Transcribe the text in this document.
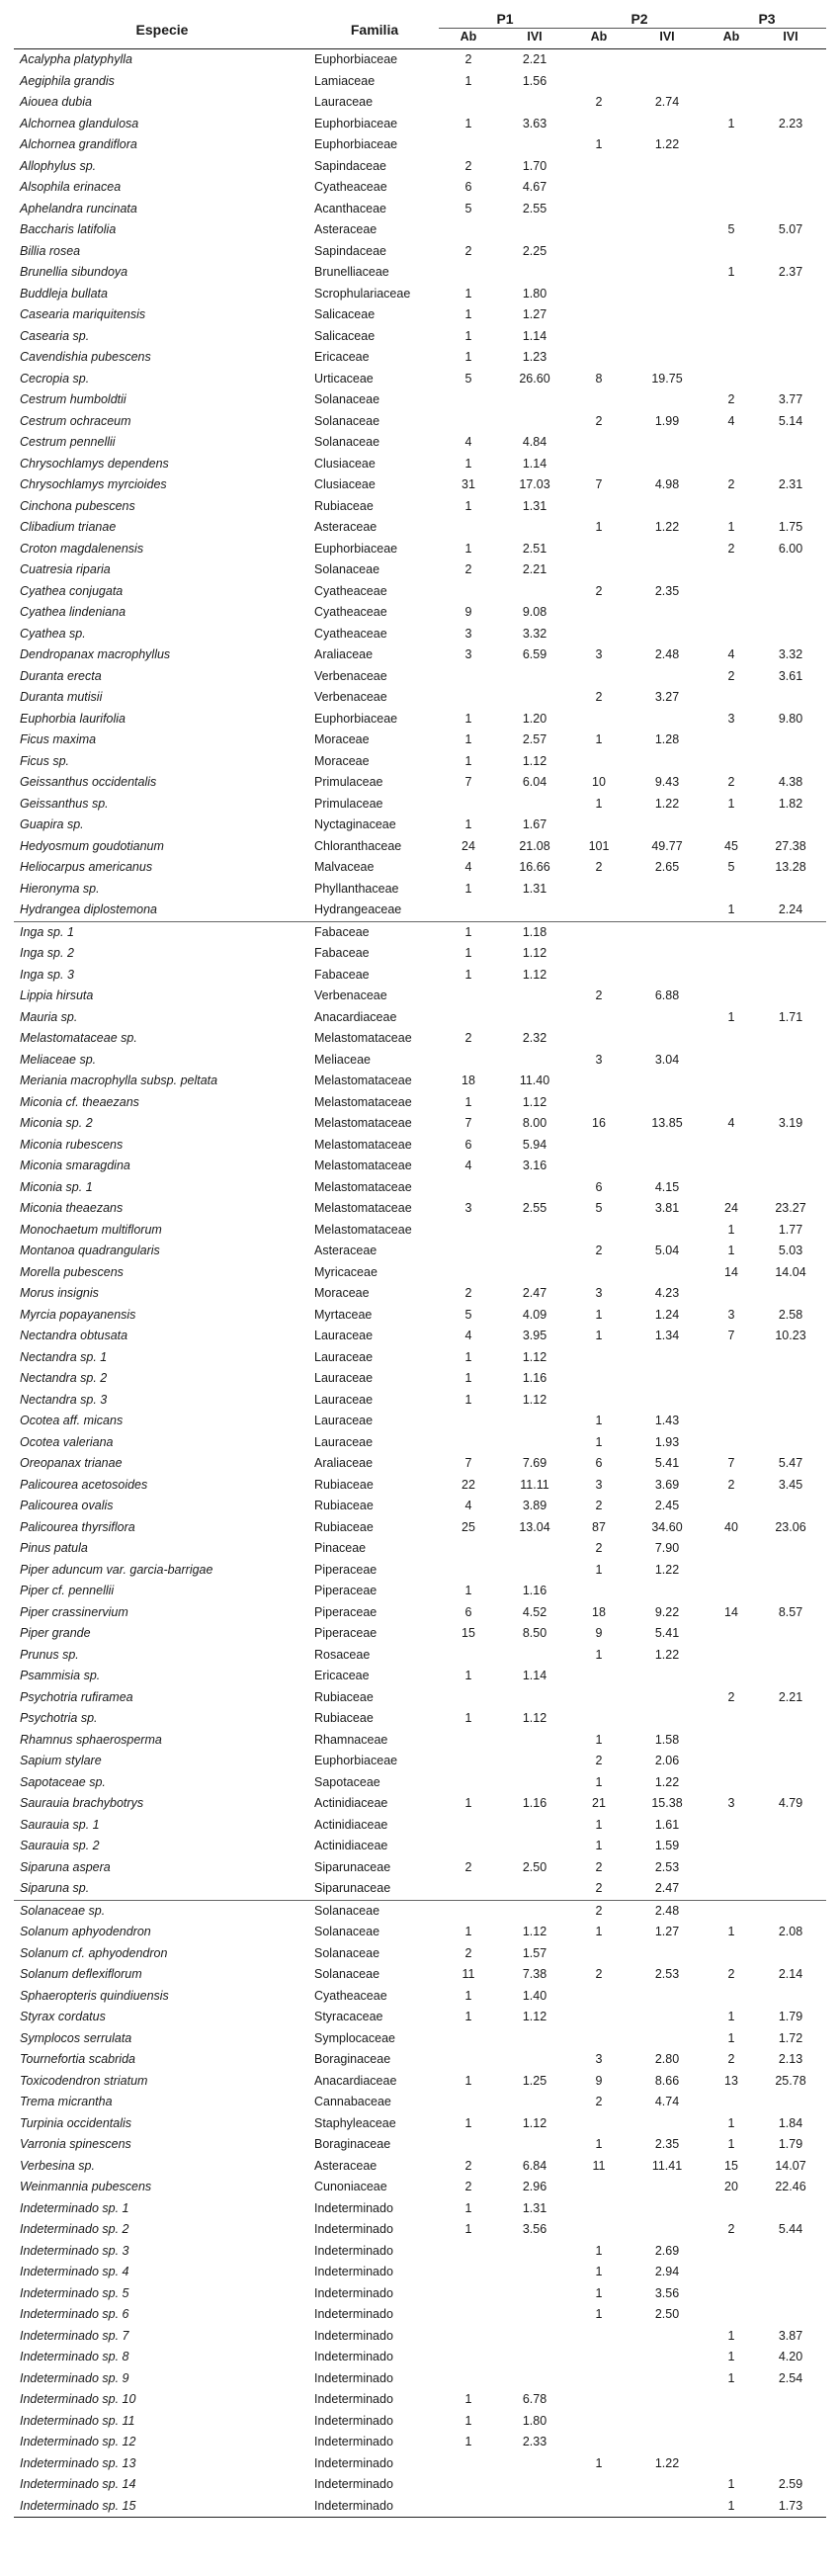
Especie	Familia	P1		P2		P3	
		Ab	IVI	Ab	IVI	Ab	IVI
Acalypha platyphylla	Euphorbiaceae	2	2.21				
Aegiphila grandis	Lamiaceae	1	1.56				
Aiouea dubia	Lauraceae			2	2.74		
Alchornea glandulosa	Euphorbiaceae	1	3.63			1	2.23
Alchornea grandiflora	Euphorbiaceae			1	1.22		
Allophylus sp.	Sapindaceae	2	1.70				
Alsophila erinacea	Cyatheaceae	6	4.67				
Aphelandra runcinata	Acanthaceae	5	2.55				
Baccharis latifolia	Asteraceae					5	5.07
Billia rosea	Sapindaceae	2	2.25				
Brunellia sibundoya	Brunelliaceae					1	2.37
Buddleja bullata	Scrophulariaceae	1	1.80				
Casearia mariquitensis	Salicaceae	1	1.27				
Casearia sp.	Salicaceae	1	1.14				
Cavendishia pubescens	Ericaceae	1	1.23				
Cecropia sp.	Urticaceae	5	26.60	8	19.75		
Cestrum humboldtii	Solanaceae					2	3.77
Cestrum ochraceum	Solanaceae			2	1.99	4	5.14
Cestrum pennellii	Solanaceae	4	4.84				
Chrysochlamys dependens	Clusiaceae	1	1.14				
Chrysochlamys myrcioides	Clusiaceae	31	17.03	7	4.98	2	2.31
Cinchona pubescens	Rubiaceae	1	1.31				
Clibadium trianae	Asteraceae			1	1.22	1	1.75
Croton magdalenensis	Euphorbiaceae	1	2.51			2	6.00
Cuatresia riparia	Solanaceae	2	2.21				
Cyathea conjugata	Cyatheaceae			2	2.35		
Cyathea lindeniana	Cyatheaceae	9	9.08				
Cyathea sp.	Cyatheaceae	3	3.32				
Dendropanax macrophyllus	Araliaceae	3	6.59	3	2.48	4	3.32
Duranta erecta	Verbenaceae					2	3.61
Duranta mutisii	Verbenaceae			2	3.27		
Euphorbia laurifolia	Euphorbiaceae	1	1.20			3	9.80
Ficus maxima	Moraceae	1	2.57	1	1.28		
Ficus sp.	Moraceae	1	1.12				
Geissanthus occidentalis	Primulaceae	7	6.04	10	9.43	2	4.38
Geissanthus sp.	Primulaceae			1	1.22	1	1.82
Guapira sp.	Nyctaginaceae	1	1.67				
Hedyosmum goudotianum	Chloranthaceae	24	21.08	101	49.77	45	27.38
Heliocarpus americanus	Malvaceae	4	16.66	2	2.65	5	13.28
Hieronyma sp.	Phyllanthaceae	1	1.31				
Hydrangea diplostemona	Hydrangeaceae					1	2.24
Inga sp. 1	Fabaceae	1	1.18				
Inga sp. 2	Fabaceae	1	1.12				
Inga sp. 3	Fabaceae	1	1.12				
Lippia hirsuta	Verbenaceae			2	6.88		
Mauria sp.	Anacardiaceae					1	1.71
Melastomataceae sp.	Melastomataceae	2	2.32				
Meliaceae sp.	Meliaceae			3	3.04		
Meriania macrophylla subsp. peltata	Melastomataceae	18	11.40				
Miconia cf. theaezans	Melastomataceae	1	1.12				
Miconia sp. 2	Melastomataceae	7	8.00	16	13.85	4	3.19
Miconia rubescens	Melastomataceae	6	5.94				
Miconia smaragdina	Melastomataceae	4	3.16				
Miconia sp. 1	Melastomataceae			6	4.15		
Miconia theaezans	Melastomataceae	3	2.55	5	3.81	24	23.27
Monochaetum multiflorum	Melastomataceae					1	1.77
Montanoa quadrangularis	Asteraceae			2	5.04	1	5.03
Morella pubescens	Myricaceae					14	14.04
Morus insignis	Moraceae	2	2.47	3	4.23		
Myrcia popayanensis	Myrtaceae	5	4.09	1	1.24	3	2.58
Nectandra obtusata	Lauraceae	4	3.95	1	1.34	7	10.23
Nectandra sp. 1	Lauraceae	1	1.12				
Nectandra sp. 2	Lauraceae	1	1.16				
Nectandra sp. 3	Lauraceae	1	1.12				
Ocotea aff. micans	Lauraceae			1	1.43		
Ocotea valeriana	Lauraceae			1	1.93		
Oreopanax trianae	Araliaceae	7	7.69	6	5.41	7	5.47
Palicourea acetosoides	Rubiaceae	22	11.11	3	3.69	2	3.45
Palicourea ovalis	Rubiaceae	4	3.89	2	2.45		
Palicourea thyrsiflora	Rubiaceae	25	13.04	87	34.60	40	23.06
Pinus patula	Pinaceae			2	7.90		
Piper aduncum var. garcia-barrigae	Piperaceae			1	1.22		
Piper cf. pennellii	Piperaceae	1	1.16				
Piper crassinervium	Piperaceae	6	4.52	18	9.22	14	8.57
Piper grande	Piperaceae	15	8.50	9	5.41		
Prunus sp.	Rosaceae			1	1.22		
Psammisia sp.	Ericaceae	1	1.14				
Psychotria rufiramea	Rubiaceae					2	2.21
Psychotria sp.	Rubiaceae	1	1.12				
Rhamnus sphaerosperma	Rhamnaceae			1	1.58		
Sapium stylare	Euphorbiaceae			2	2.06		
Sapotaceae sp.	Sapotaceae			1	1.22		
Saurauia brachybotrys	Actinidiaceae	1	1.16	21	15.38	3	4.79
Saurauia sp. 1	Actinidiaceae			1	1.61		
Saurauia sp. 2	Actinidiaceae			1	1.59		
Siparuna aspera	Siparunaceae	2	2.50	2	2.53		
Siparuna sp.	Siparunaceae			2	2.47		
Solanaceae sp.	Solanaceae			2	2.48		
Solanum aphyodendron	Solanaceae	1	1.12	1	1.27	1	2.08
Solanum cf. aphyodendron	Solanaceae	2	1.57				
Solanum deflexiflorum	Solanaceae	11	7.38	2	2.53	2	2.14
Sphaeropteris quindiuensis	Cyatheaceae	1	1.40				
Styrax cordatus	Styracaceae	1	1.12			1	1.79
Symplocos serrulata	Symplocaceae					1	1.72
Tournefortia scabrida	Boraginaceae			3	2.80	2	2.13
Toxicodendron striatum	Anacardiaceae	1	1.25	9	8.66	13	25.78
Trema micrantha	Cannabaceae			2	4.74		
Turpinia occidentalis	Staphyleaceae	1	1.12			1	1.84
Varronia spinescens	Boraginaceae			1	2.35	1	1.79
Verbesina sp.	Asteraceae	2	6.84	11	11.41	15	14.07
Weinmannia pubescens	Cunoniaceae	2	2.96			20	22.46
Indeterminado sp. 1	Indeterminado	1	1.31				
Indeterminado sp. 2	Indeterminado	1	3.56			2	5.44
Indeterminado sp. 3	Indeterminado			1	2.69		
Indeterminado sp. 4	Indeterminado			1	2.94		
Indeterminado sp. 5	Indeterminado			1	3.56		
Indeterminado sp. 6	Indeterminado			1	2.50		
Indeterminado sp. 7	Indeterminado					1	3.87
Indeterminado sp. 8	Indeterminado					1	4.20
Indeterminado sp. 9	Indeterminado					1	2.54
Indeterminado sp. 10	Indeterminado	1	6.78				
Indeterminado sp. 11	Indeterminado	1	1.80				
Indeterminado sp. 12	Indeterminado	1	2.33				
Indeterminado sp. 13	Indeterminado			1	1.22		
Indeterminado sp. 14	Indeterminado					1	2.59
Indeterminado sp. 15	Indeterminado					1	1.73
